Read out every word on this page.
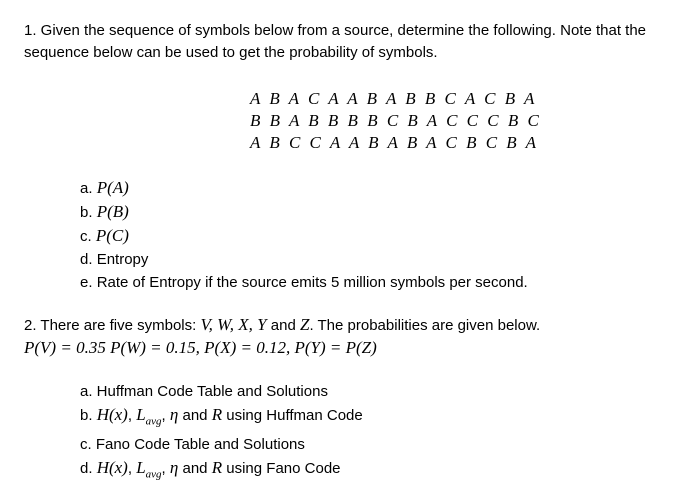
1. Given the sequence of symbols below from a source, determine the following. Note that the
sequence below can be used to get the probability of symbols.
A B A C A A B A B B C A C B A
B B A B B B B C B A C C C B C
A B C C A A B A B A C B C B A
a. P(A)
b. P(B)
c. P(C)
d. Entropy
e. Rate of Entropy if the source emits 5 million symbols per second.
2. There are five symbols: V, W, X, Y and Z. The probabilities are given below.
P(V) = 0.35 P(W) = 0.15, P(X) = 0.12, P(Y) = P(Z)
a. Huffman Code Table and Solutions
b. H(x), $L_{avg}$, η and R using Huffman Code
c. Fano Code Table and Solutions
d. H(x), $L_{avg}$, η and R using Fano Code
